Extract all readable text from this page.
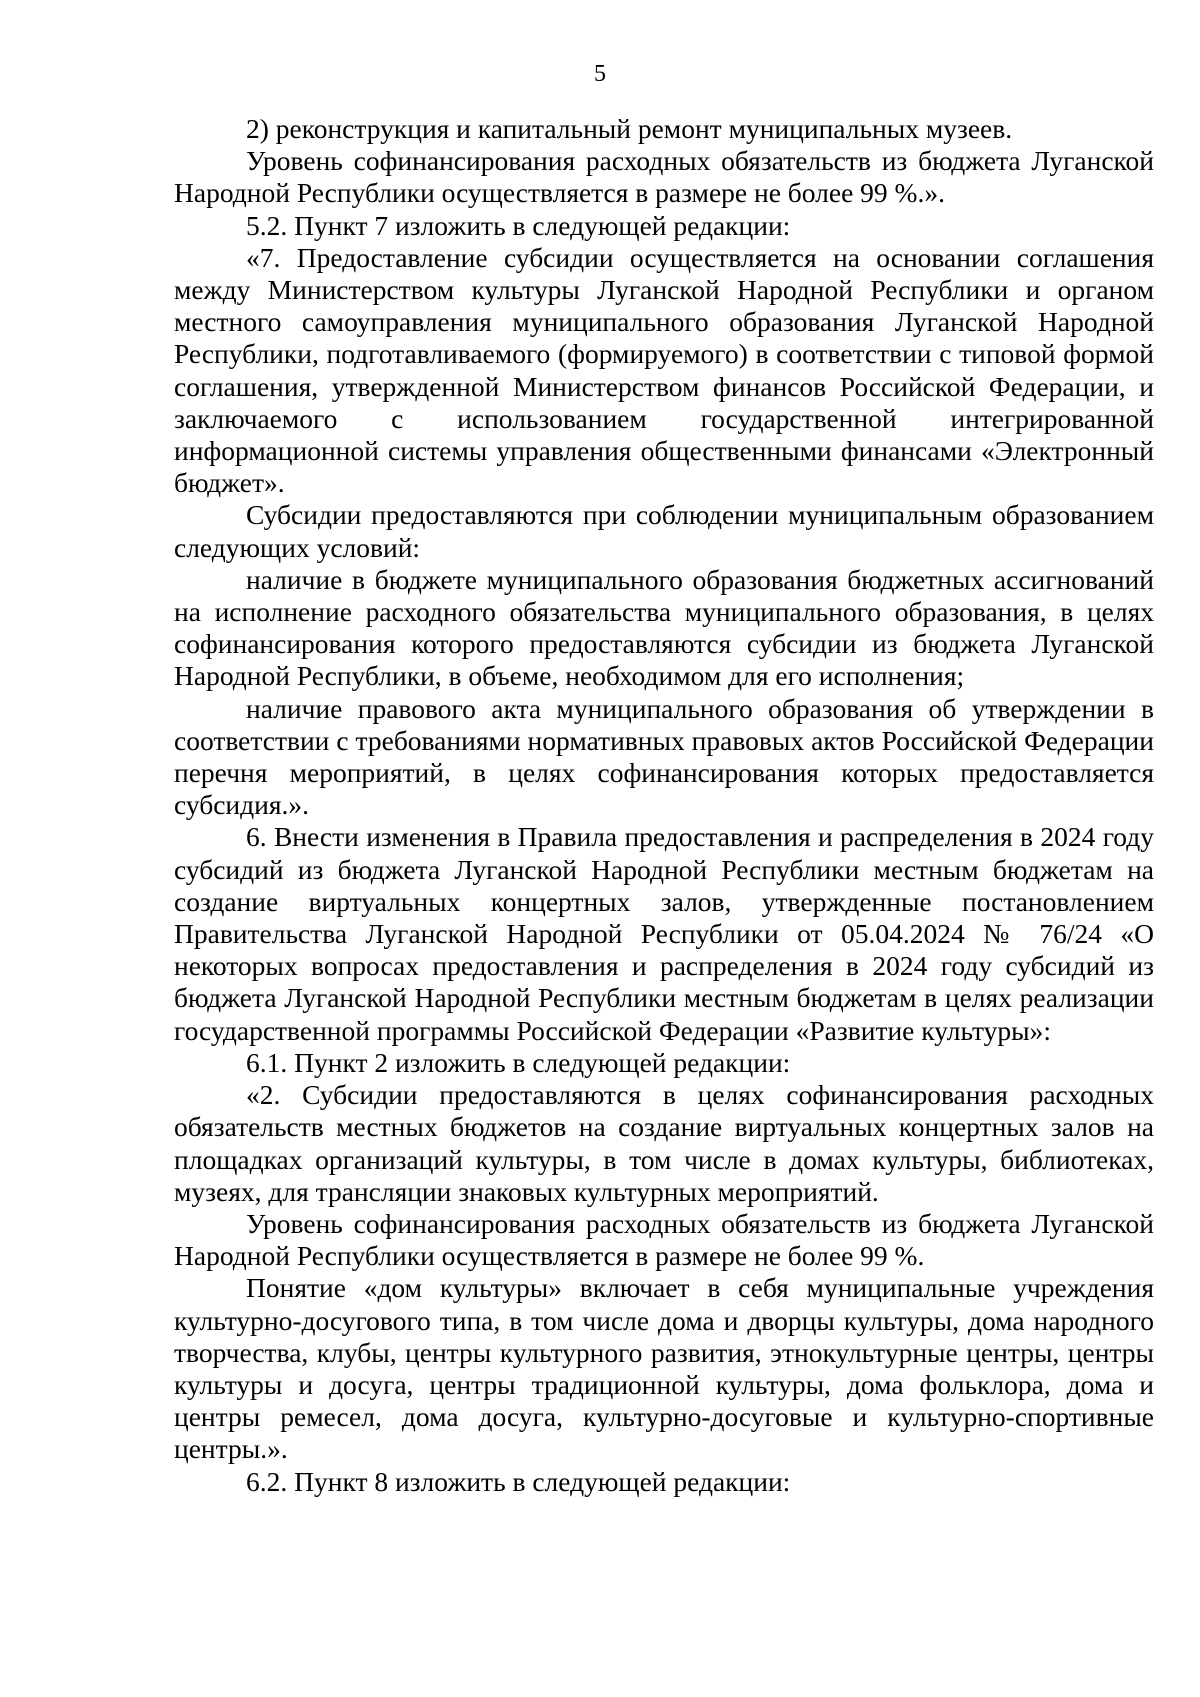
5

2) реконструкция и капитальный ремонт муниципальных музеев.

Уровень софинансирования расходных обязательств из бюджета Луганской Народной Республики осуществляется в размере не более 99 %.».

5.2. Пункт 7 изложить в следующей редакции:

«7. Предоставление субсидии осуществляется на основании соглашения между Министерством культуры Луганской Народной Республики и органом местного самоуправления муниципального образования Луганской Народной Республики, подготавливаемого (формируемого) в соответствии с типовой формой соглашения, утвержденной Министерством финансов Российской Федерации, и заключаемого с использованием государственной интегрированной информационной системы управления общественными финансами «Электронный бюджет».

Субсидии предоставляются при соблюдении муниципальным образованием следующих условий:

наличие в бюджете муниципального образования бюджетных ассигнований на исполнение расходного обязательства муниципального образования, в целях софинансирования которого предоставляются субсидии из бюджета Луганской Народной Республики, в объеме, необходимом для его исполнения;

наличие правового акта муниципального образования об утверждении в соответствии с требованиями нормативных правовых актов Российской Федерации перечня мероприятий, в целях софинансирования которых предоставляется субсидия.».

6. Внести изменения в Правила предоставления и распределения в 2024 году субсидий из бюджета Луганской Народной Республики местным бюджетам на создание виртуальных концертных залов, утвержденные постановлением Правительства Луганской Народной Республики от 05.04.2024 № 76/24 «О некоторых вопросах предоставления и распределения в 2024 году субсидий из бюджета Луганской Народной Республики местным бюджетам в целях реализации государственной программы Российской Федерации «Развитие культуры»:

6.1. Пункт 2 изложить в следующей редакции:

«2. Субсидии предоставляются в целях софинансирования расходных обязательств местных бюджетов на создание виртуальных концертных залов на площадках организаций культуры, в том числе в домах культуры, библиотеках, музеях, для трансляции знаковых культурных мероприятий.

Уровень софинансирования расходных обязательств из бюджета Луганской Народной Республики осуществляется в размере не более 99 %.

Понятие «дом культуры» включает в себя муниципальные учреждения культурно-досугового типа, в том числе дома и дворцы культуры, дома народного творчества, клубы, центры культурного развития, этнокультурные центры, центры культуры и досуга, центры традиционной культуры, дома фольклора, дома и центры ремесел, дома досуга, культурно-досуговые и культурно-спортивные центры.».

6.2. Пункт 8 изложить в следующей редакции:
